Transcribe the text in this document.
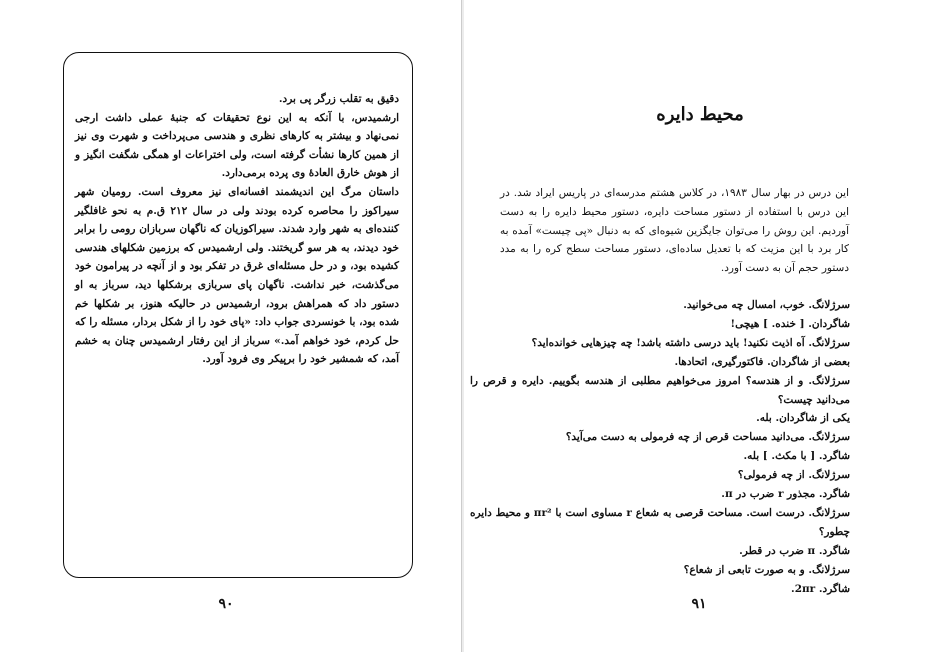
دقیق به تقلب زرگر پی برد.

ارشمیدس، با آنکه به این نوع تحقیقات که جنبهٔ عملی داشت ارجی نمی‌نهاد و بیشتر به کارهای نظری و هندسی می‌پرداخت و شهرت وی نیز از همین کارها نشأت گرفته است، ولی اختراعات او همگی شگفت انگیز و از هوش خارق العادهٔ وی پرده برمی‌دارد.

داستان مرگ این اندیشمند افسانه‌ای نیز معروف است. رومیان شهر سیراکوز را محاصره کرده بودند ولی در سال ۲۱۲ ق.م به نحو غافلگیر کننده‌ای به شهر وارد شدند. سیراکوزیان که ناگهان سربازان رومی را برابر خود دیدند، به هر سو گریختند. ولی ارشمیدس که برزمین شکلهای هندسی کشیده بود، و در حل مسئله‌ای غرق در تفکر بود و از آنچه در پیرامون خود می‌گذشت، خبر نداشت. ناگهان پای سربازی برشکلها دید، سرباز به او دستور داد که همراهش برود، ارشمیدس در حالیکه هنوز، بر شکلها خم شده بود، با خونسردی جواب داد: «پای خود را از شکل بردار، مسئله را که حل کردم، خود خواهم آمد.» سرباز از این رفتار ارشمیدس چنان به خشم آمد، که شمشیر خود را برپیکر وی فرود آورد.

۹۰
محیط دایره
این درس در بهار سال ۱۹۸۳، در کلاس هشتم مدرسه‌ای در پاریس ایراد شد. در این درس با استفاده از دستور مساحت دایره، دستور محیط دایره را به دست آوردیم. این روش را می‌توان جایگزین شیوه‌ای که به دنبال «پی چیست» آمده به کار برد با این مزیت که با تعدیل ساده‌ای، دستور مساحت سطح کره را به مدد دستور حجم آن به دست آورد.

سرژلانگ. خوب، امسال چه می‌خوانید.

شاگردان. [ خنده. ] هیچی!

سرژلانگ. آه اذیت نکنید! باید درسی داشته باشد! چه چیزهایی خوانده‌اید؟

بعضی از شاگردان. فاکتورگیری، اتحادها.

سرژلانگ. و از هندسه؟ امروز می‌خواهیم مطلبی از هندسه بگوییم. دایره و قرص را می‌دانید چیست؟

یکی از شاگردان. بله.

سرژلانگ. می‌دانید مساحت قرص از چه فرمولی به دست می‌آید؟

شاگرد. [ با مکث. ] بله.

سرژلانگ. از چه فرمولی؟

شاگرد. مجذور r ضرب در π.

سرژلانگ. درست است. مساحت قرصی به شعاع r مساوی است با πr² و محیط دایره چطور؟

شاگرد. π ضرب در قطر.

سرژلانگ. و به صورت تابعی از شعاع؟

شاگرد. 2πr.

۹۱
